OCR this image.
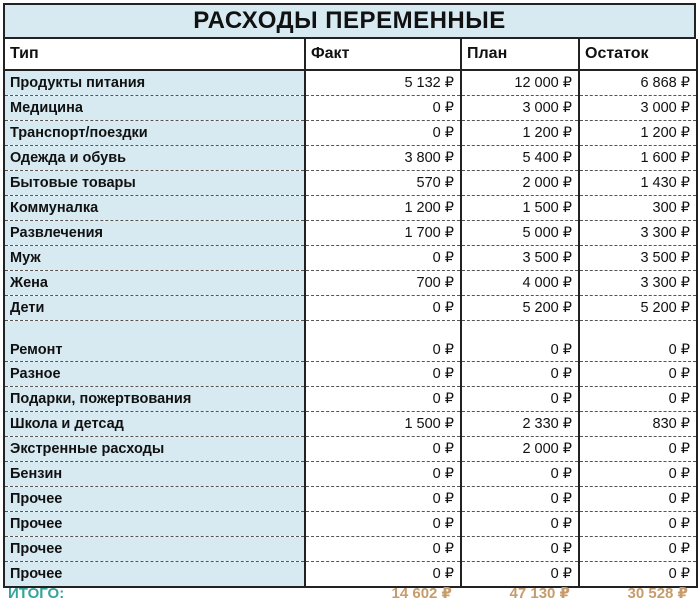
РАСХОДЫ ПЕРЕМЕННЫЕ
Тип	Факт	План	Остаток
Продукты питания	5 132 ₽	12 000 ₽	6 868 ₽
Медицина	0 ₽	3 000 ₽	3 000 ₽
Транспорт/поездки	0 ₽	1 200 ₽	1 200 ₽
Одежда и обувь	3 800 ₽	5 400 ₽	1 600 ₽
Бытовые товары	570 ₽	2 000 ₽	1 430 ₽
Коммуналка	1 200 ₽	1 500 ₽	300 ₽
Развлечения	1 700 ₽	5 000 ₽	3 300 ₽
Муж	0 ₽	3 500 ₽	3 500 ₽
Жена	700 ₽	4 000 ₽	3 300 ₽
Дети	0 ₽	5 200 ₽	5 200 ₽
Ремонт	0 ₽	0 ₽	0 ₽
Разное	0 ₽	0 ₽	0 ₽
Подарки, пожертвования	0 ₽	0 ₽	0 ₽
Школа и детсад	1 500 ₽	2 330 ₽	830 ₽
Экстренные расходы	0 ₽	2 000 ₽	0 ₽
Бензин	0 ₽	0 ₽	0 ₽
Прочее	0 ₽	0 ₽	0 ₽
Прочее	0 ₽	0 ₽	0 ₽
Прочее	0 ₽	0 ₽	0 ₽
Прочее	0 ₽	0 ₽	0 ₽
ИТОГО:	14 602 ₽	47 130 ₽	30 528 ₽
